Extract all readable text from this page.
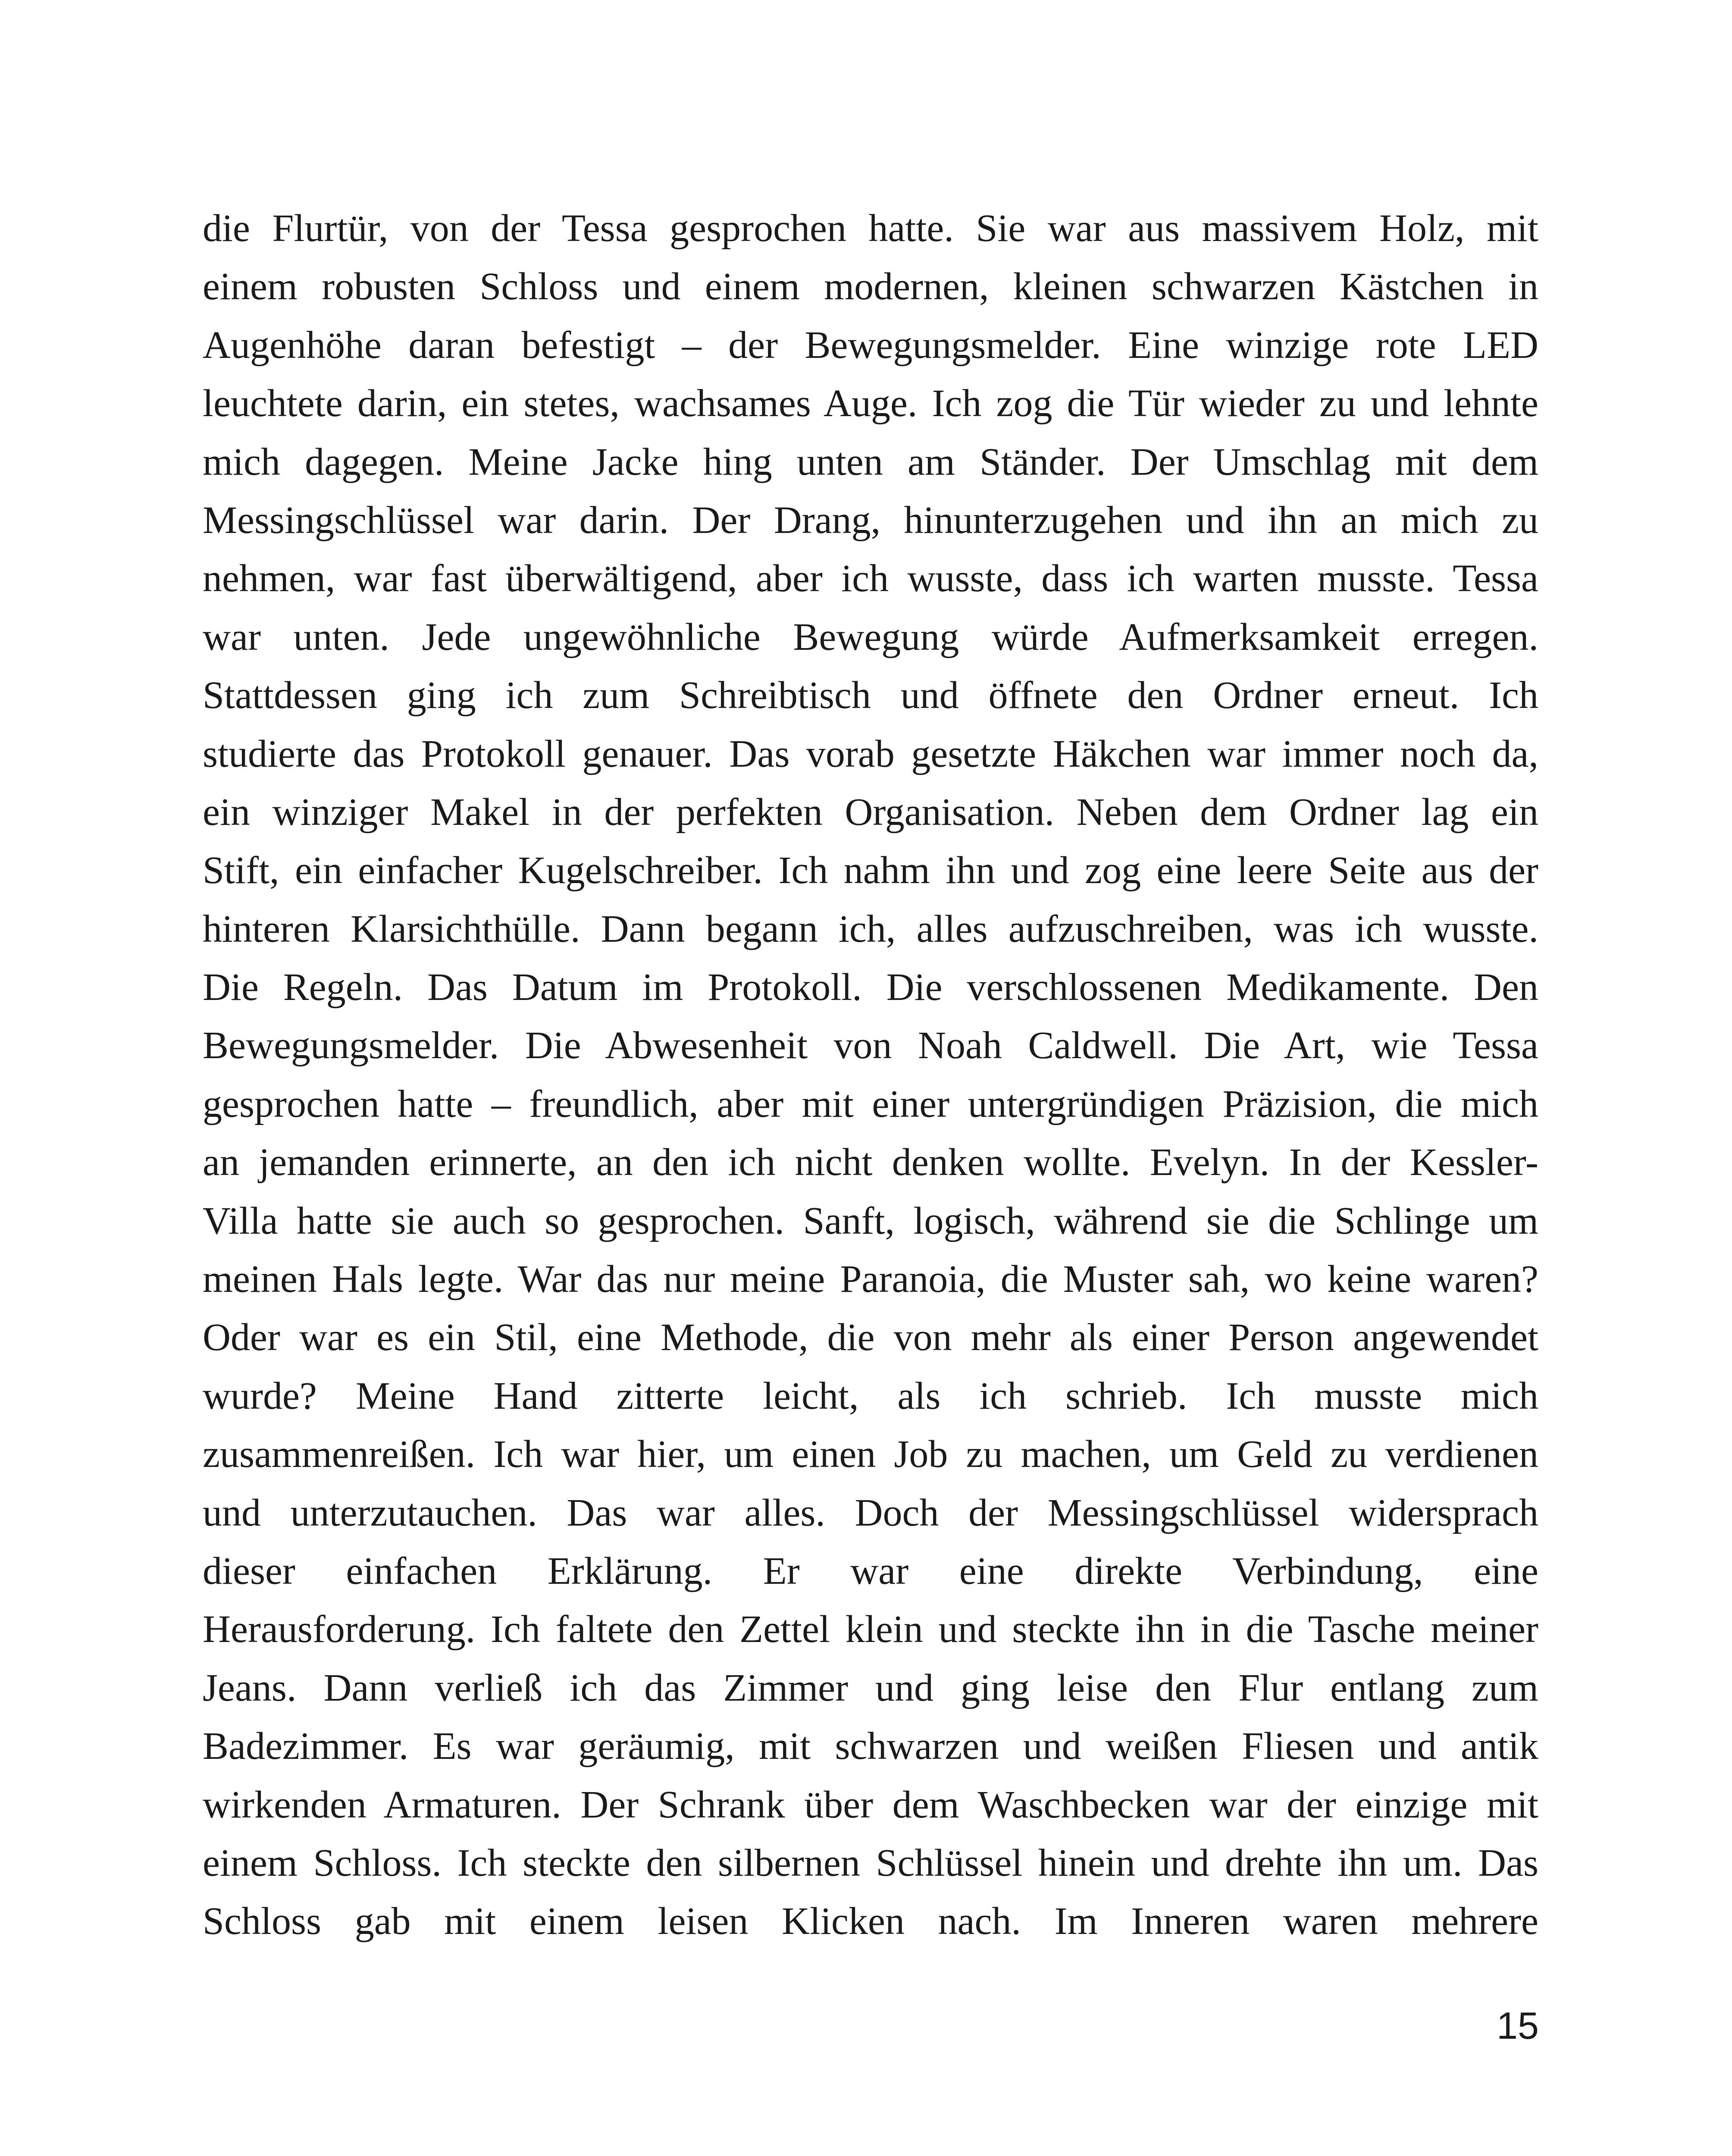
die Flurtür, von der Tessa gesprochen hatte. Sie war aus massivem Holz, mit
einem robusten Schloss und einem modernen, kleinen schwarzen Kästchen in
Augenhöhe daran befestigt – der Bewegungsmelder. Eine winzige rote LED
leuchtete darin, ein stetes, wachsames Auge. Ich zog die Tür wieder zu und lehnte
mich dagegen. Meine Jacke hing unten am Ständer. Der Umschlag mit dem
Messingschlüssel war darin. Der Drang, hinunterzugehen und ihn an mich zu
nehmen, war fast überwältigend, aber ich wusste, dass ich warten musste. Tessa
war unten. Jede ungewöhnliche Bewegung würde Aufmerksamkeit erregen.
Stattdessen ging ich zum Schreibtisch und öffnete den Ordner erneut. Ich
studierte das Protokoll genauer. Das vorab gesetzte Häkchen war immer noch da,
ein winziger Makel in der perfekten Organisation. Neben dem Ordner lag ein
Stift, ein einfacher Kugelschreiber. Ich nahm ihn und zog eine leere Seite aus der
hinteren Klarsichthülle. Dann begann ich, alles aufzuschreiben, was ich wusste.
Die Regeln. Das Datum im Protokoll. Die verschlossenen Medikamente. Den
Bewegungsmelder. Die Abwesenheit von Noah Caldwell. Die Art, wie Tessa
gesprochen hatte – freundlich, aber mit einer untergründigen Präzision, die mich
an jemanden erinnerte, an den ich nicht denken wollte. Evelyn. In der Kessler-
Villa hatte sie auch so gesprochen. Sanft, logisch, während sie die Schlinge um
meinen Hals legte. War das nur meine Paranoia, die Muster sah, wo keine waren?
Oder war es ein Stil, eine Methode, die von mehr als einer Person angewendet
wurde? Meine Hand zitterte leicht, als ich schrieb. Ich musste mich
zusammenreißen. Ich war hier, um einen Job zu machen, um Geld zu verdienen
und unterzutauchen. Das war alles. Doch der Messingschlüssel widersprach
dieser einfachen Erklärung. Er war eine direkte Verbindung, eine
Herausforderung. Ich faltete den Zettel klein und steckte ihn in die Tasche meiner
Jeans. Dann verließ ich das Zimmer und ging leise den Flur entlang zum
Badezimmer. Es war geräumig, mit schwarzen und weißen Fliesen und antik
wirkenden Armaturen. Der Schrank über dem Waschbecken war der einzige mit
einem Schloss. Ich steckte den silbernen Schlüssel hinein und drehte ihn um. Das
Schloss gab mit einem leisen Klicken nach. Im Inneren waren mehrere
15
